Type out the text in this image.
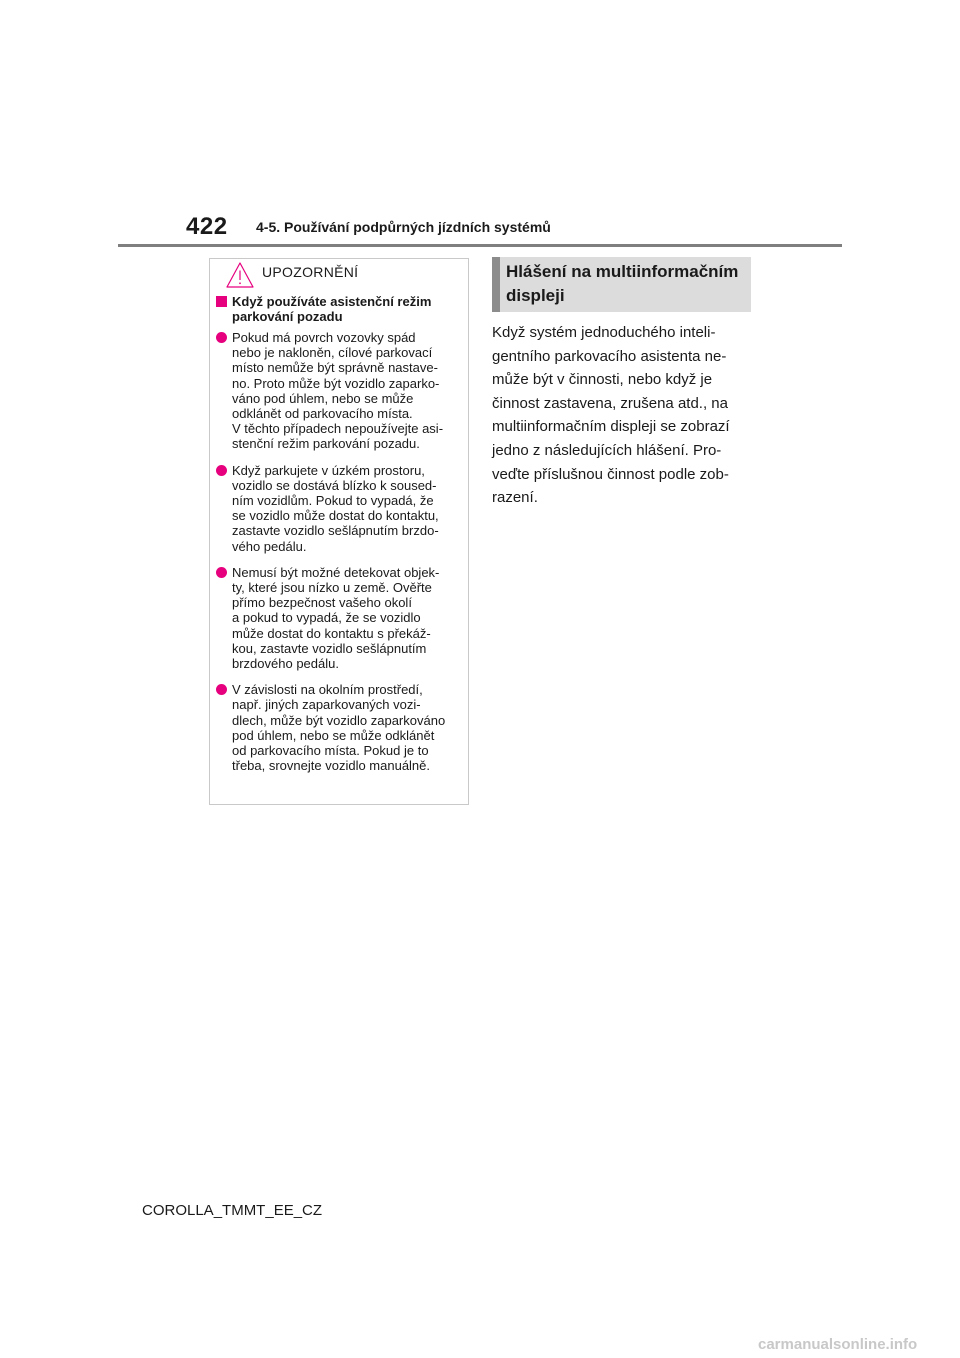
422 4-5. Používání podpůrných jízdních systémů
UPOZORNĚNÍ
Když používáte asistenční režim parkování pozadu
Pokud má povrch vozovky spád
nebo je nakloněn, cílové parkovací
místo nemůže být správně nastave-
no. Proto může být vozidlo zaparko-
váno pod úhlem, nebo se může
odklánět od parkovacího místa.
V těchto případech nepoužívejte asi-
stenční režim parkování pozadu.
Když parkujete v úzkém prostoru,
vozidlo se dostává blízko k soused-
ním vozidlům. Pokud to vypadá, že
se vozidlo může dostat do kontaktu,
zastavte vozidlo sešlápnutím brzdo-
vého pedálu.
Nemusí být možné detekovat objek-
ty, které jsou nízko u země. Ověřte
přímo bezpečnost vašeho okolí
a pokud to vypadá, že se vozidlo
může dostat do kontaktu s překáž-
kou, zastavte vozidlo sešlápnutím
brzdového pedálu.
V závislosti na okolním prostředí,
např. jiných zaparkovaných vozi-
dlech, může být vozidlo zaparkováno
pod úhlem, nebo se může odklánět
od parkovacího místa. Pokud je to
třeba, srovnejte vozidlo manuálně.
Hlášení na multiinformačním
displeji
Když systém jednoduchého inteli-
gentního parkovacího asistenta ne-
může být v činnosti, nebo když je
činnost zastavena, zrušena atd., na
multiinformačním displeji se zobrazí
jedno z následujících hlášení. Pro-
veďte příslušnou činnost podle zob-
razení.
COROLLA_TMMT_EE_CZ
carmanualsonline.info
